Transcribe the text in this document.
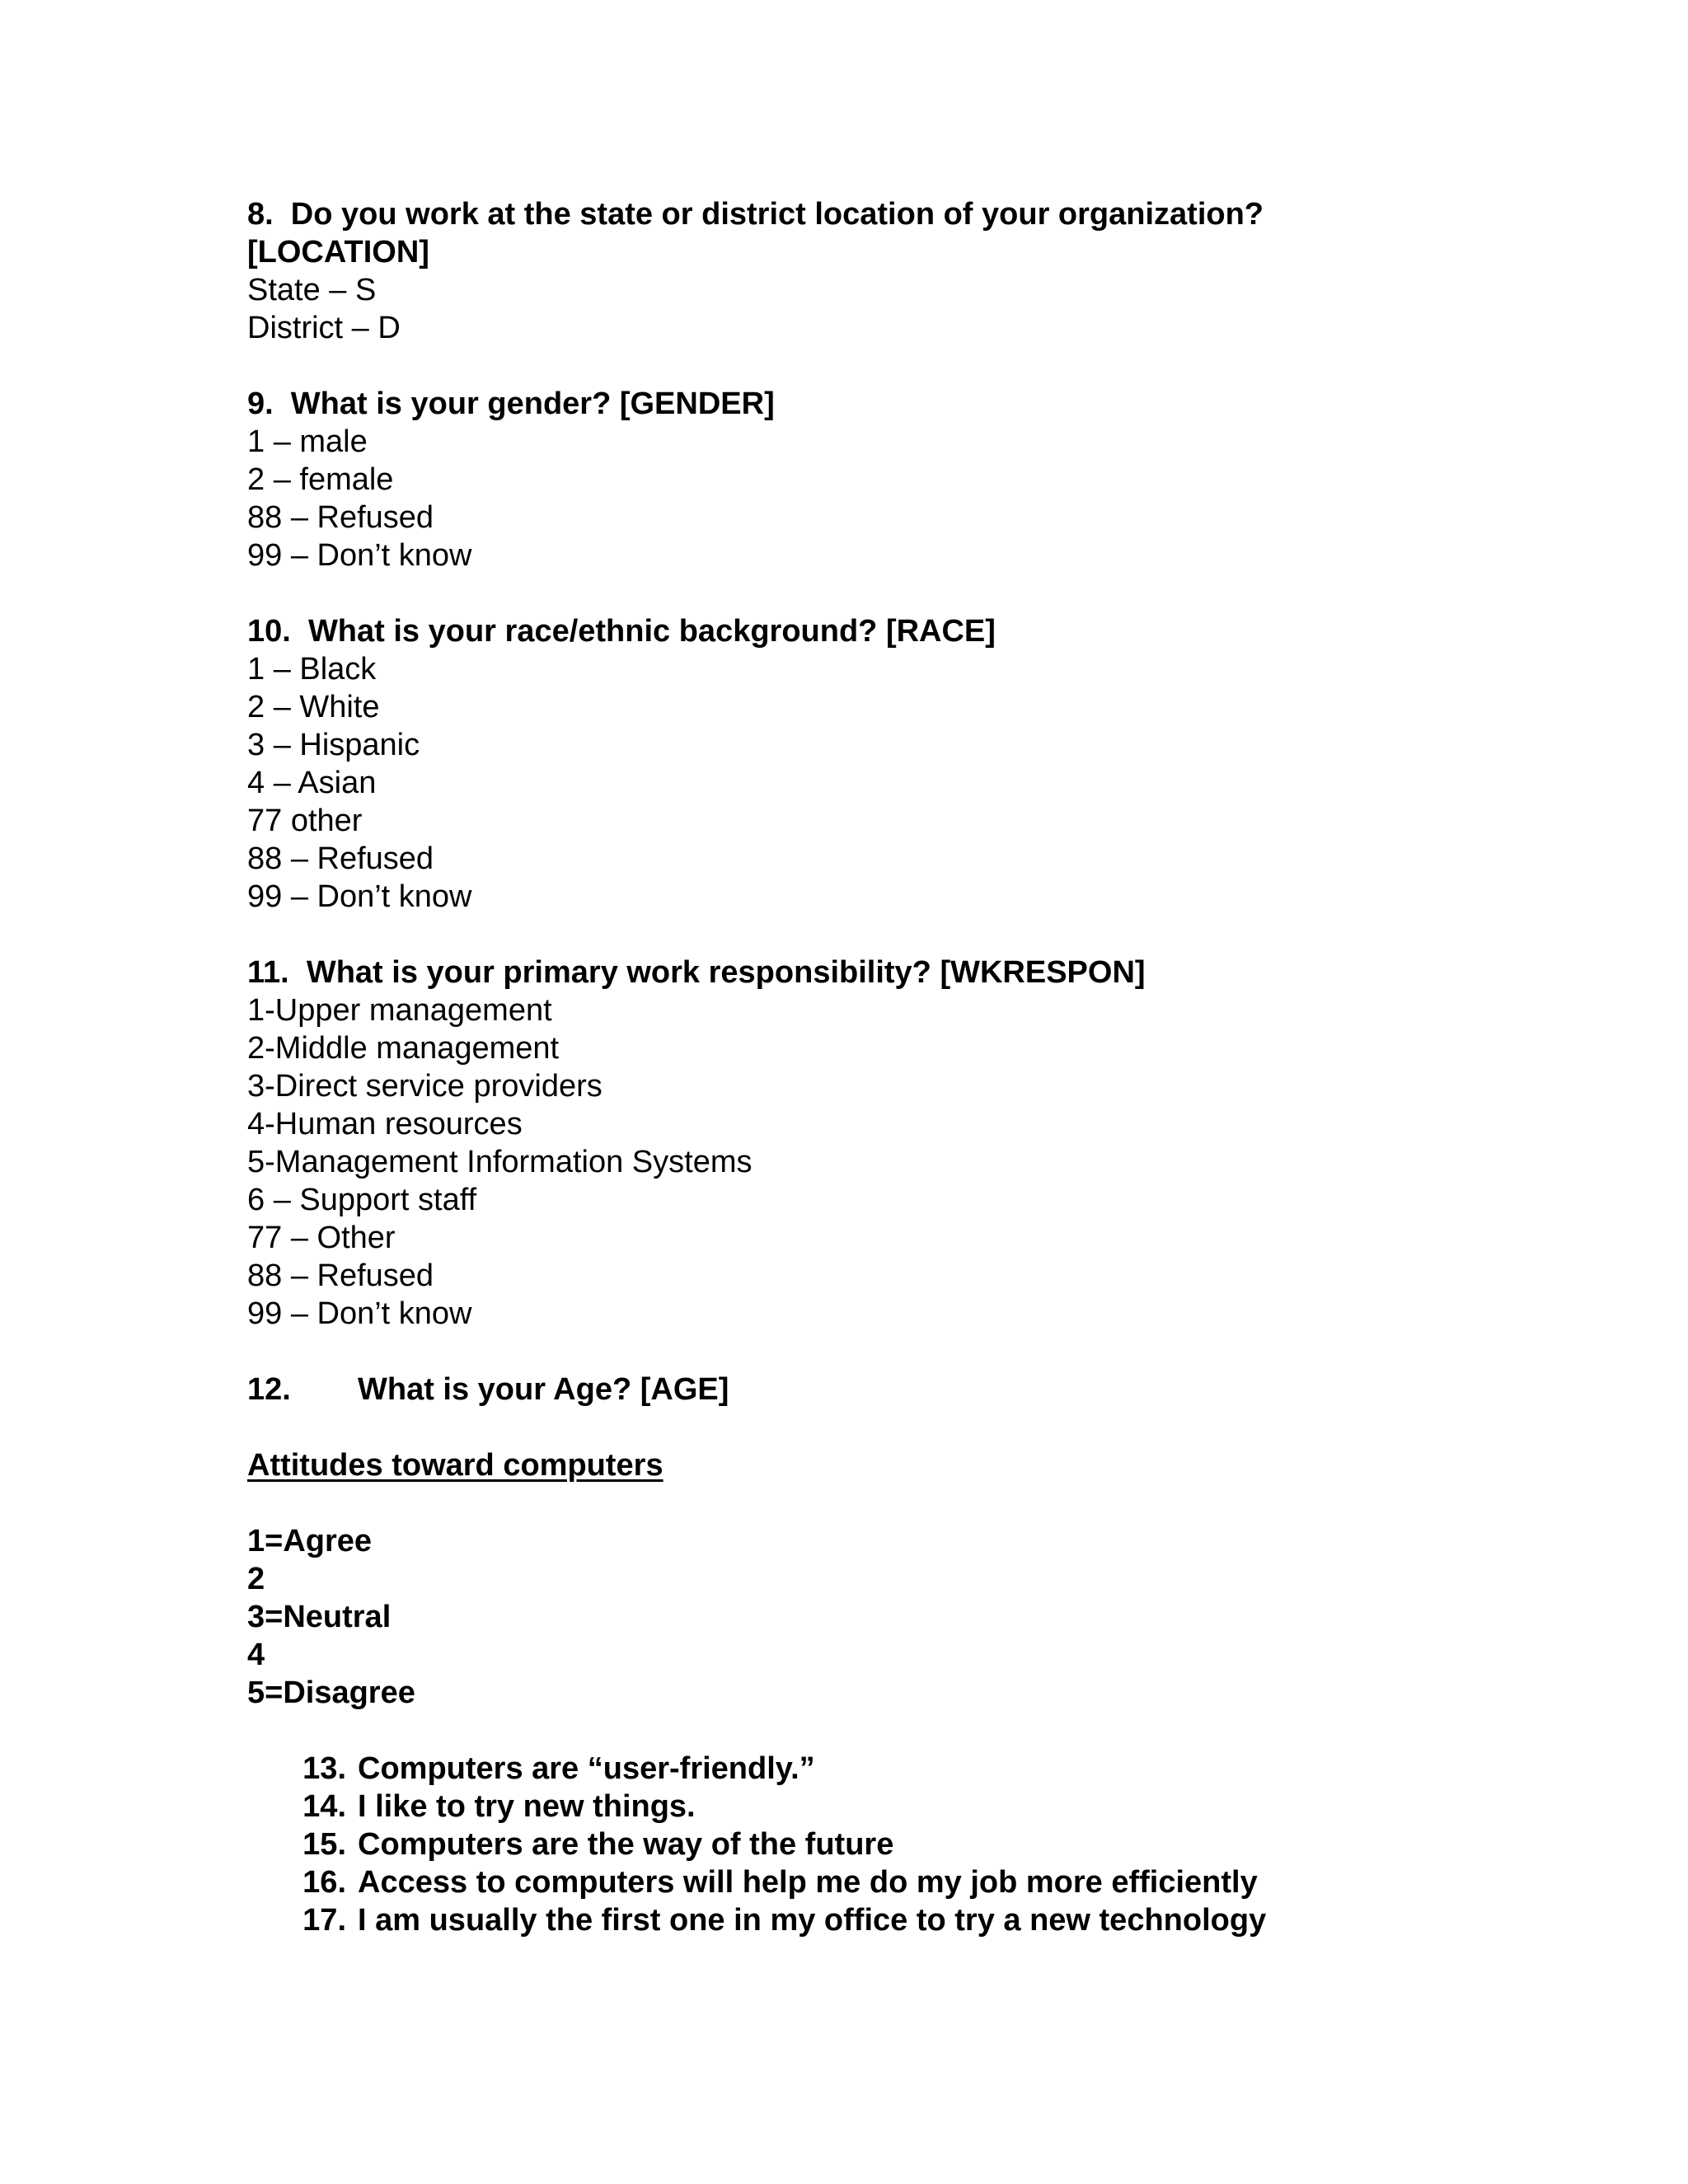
8.  Do you work at the state or district location of your organization?
[LOCATION]
State – S
District – D
9.  What is your gender? [GENDER]
1 – male
2 – female
88 – Refused
99 – Don’t know
10.  What is your race/ethnic background? [RACE]
1 – Black
2 – White
3 – Hispanic
4 – Asian
77 other
88 – Refused
99 – Don’t know
11.  What is your primary work responsibility? [WKRESPON]
1-Upper management
2-Middle management
3-Direct service providers
4-Human resources
5-Management Information Systems
6 – Support staff
77 – Other
88 – Refused
99 – Don’t know
12.	What is your Age? [AGE]
Attitudes toward computers
1=Agree
2
3=Neutral
4
5=Disagree
13. Computers are “user-friendly.”
14. I like to try new things.
15. Computers are the way of the future
16. Access to computers will help me do my job more efficiently
17. I am usually the first one in my office to try a new technology
